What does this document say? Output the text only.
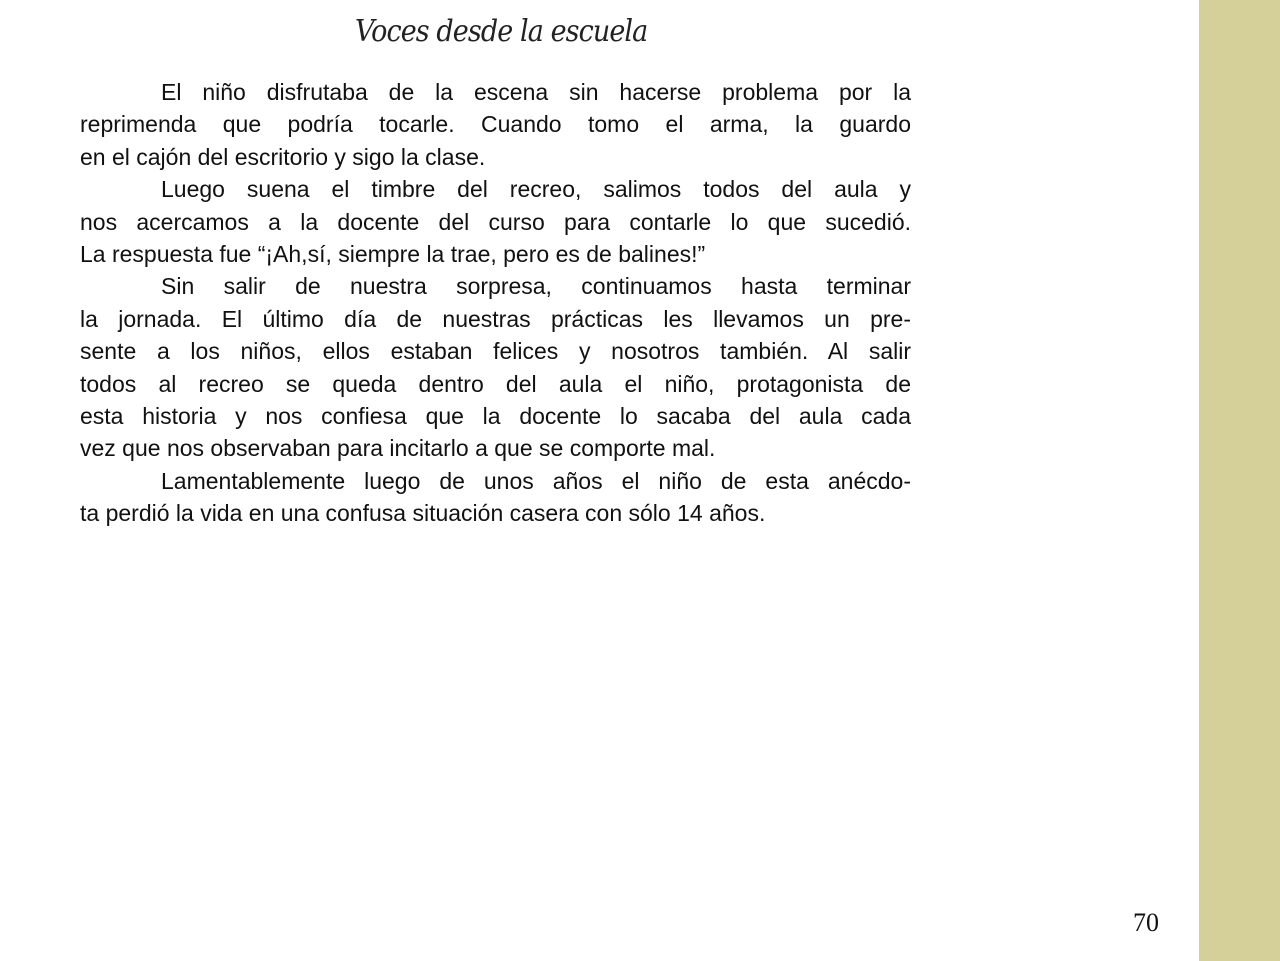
Voces desde la escuela
El niño disfrutaba de la escena sin hacerse problema por la
reprimenda que podría tocarle. Cuando tomo el arma, la guardo
en el cajón del escritorio y sigo la clase.
Luego suena el timbre del recreo, salimos todos del aula y
nos acercamos a la docente del curso para contarle lo que sucedió.
La respuesta fue “¡Ah,sí, siempre la trae, pero es de balines!”
Sin salir de nuestra sorpresa, continuamos hasta terminar
la jornada. El último día de nuestras prácticas les llevamos un pre-
sente a los niños, ellos estaban felices y nosotros también. Al salir
todos al recreo se queda dentro del aula el niño, protagonista de
esta historia y nos confiesa que la docente lo sacaba del aula cada
vez que nos observaban para incitarlo a que se comporte mal.
Lamentablemente luego de unos años el niño de esta anécdo-
ta perdió la vida en una confusa situación casera con sólo 14 años.
70
